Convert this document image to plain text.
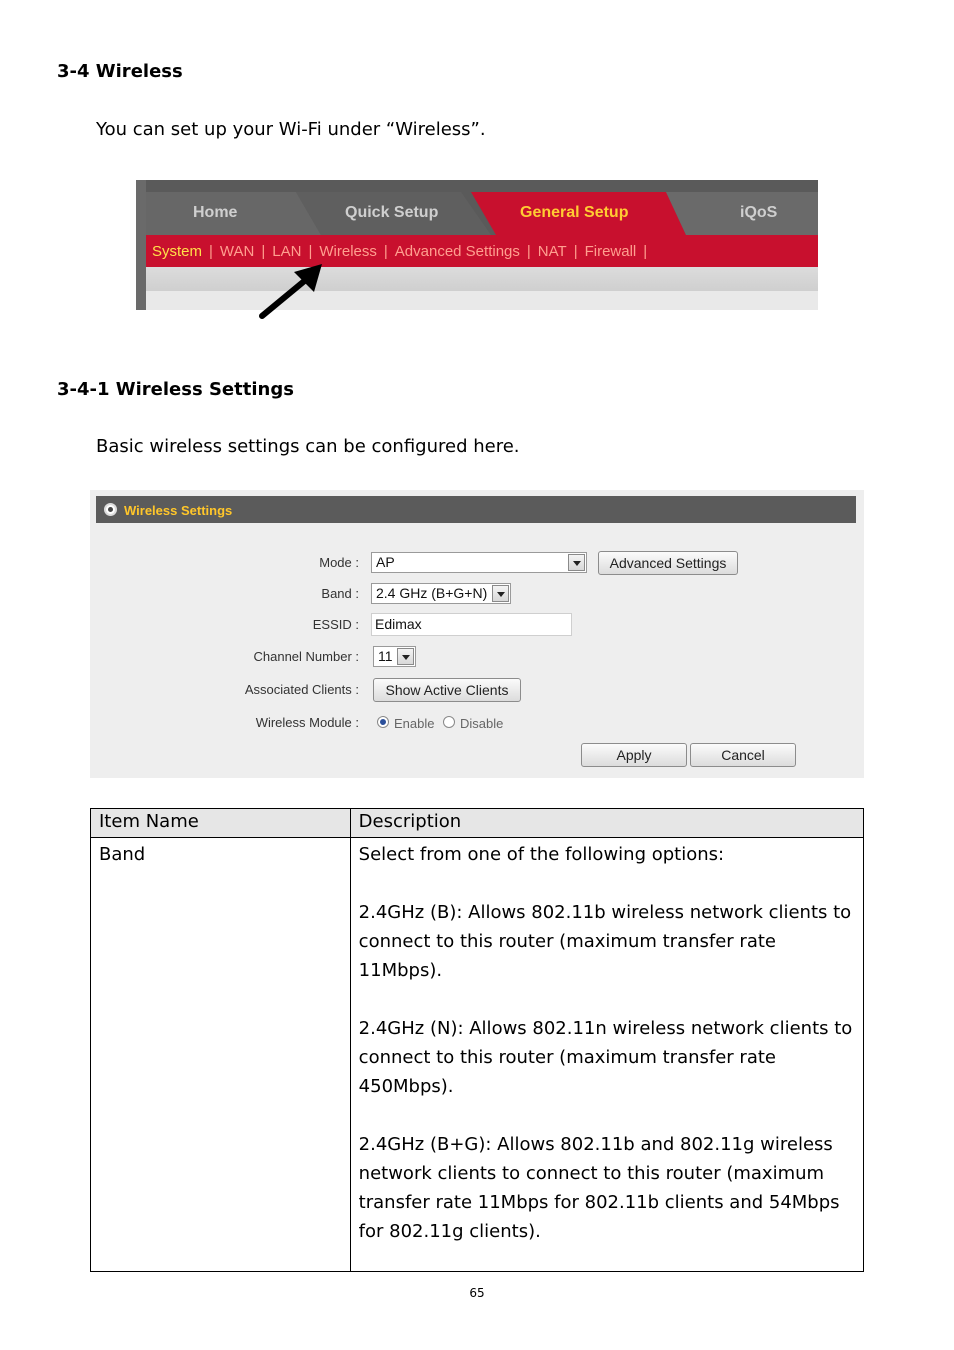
3-4 Wireless
You can set up your Wi-Fi under “Wireless”.
Home	Quick Setup	General Setup	iQoS
System | WAN | LAN | Wireless | Advanced Settings | NAT | Firewall |
3-4-1 Wireless Settings
Basic wireless settings can be configured here.
Wireless Settings
Mode :	AP	Advanced Settings
Band :	2.4 GHz (B+G+N)
ESSID : Edimax
Channel Number :	11
Associated Clients :	Show Active Clients
Wireless Module :	Enable Disable
Apply	Cancel
Item Name	Description
Band	Select from one of the following options:
2.4GHz (B): Allows 802.11b wireless network clients to connect to this router (maximum transfer rate 11Mbps).
2.4GHz (N): Allows 802.11n wireless network clients to connect to this router (maximum transfer rate 450Mbps).
2.4GHz (B+G): Allows 802.11b and 802.11g wireless network clients to connect to this router (maximum transfer rate 11Mbps for 802.11b clients and 54Mbps for 802.11g clients).
65
